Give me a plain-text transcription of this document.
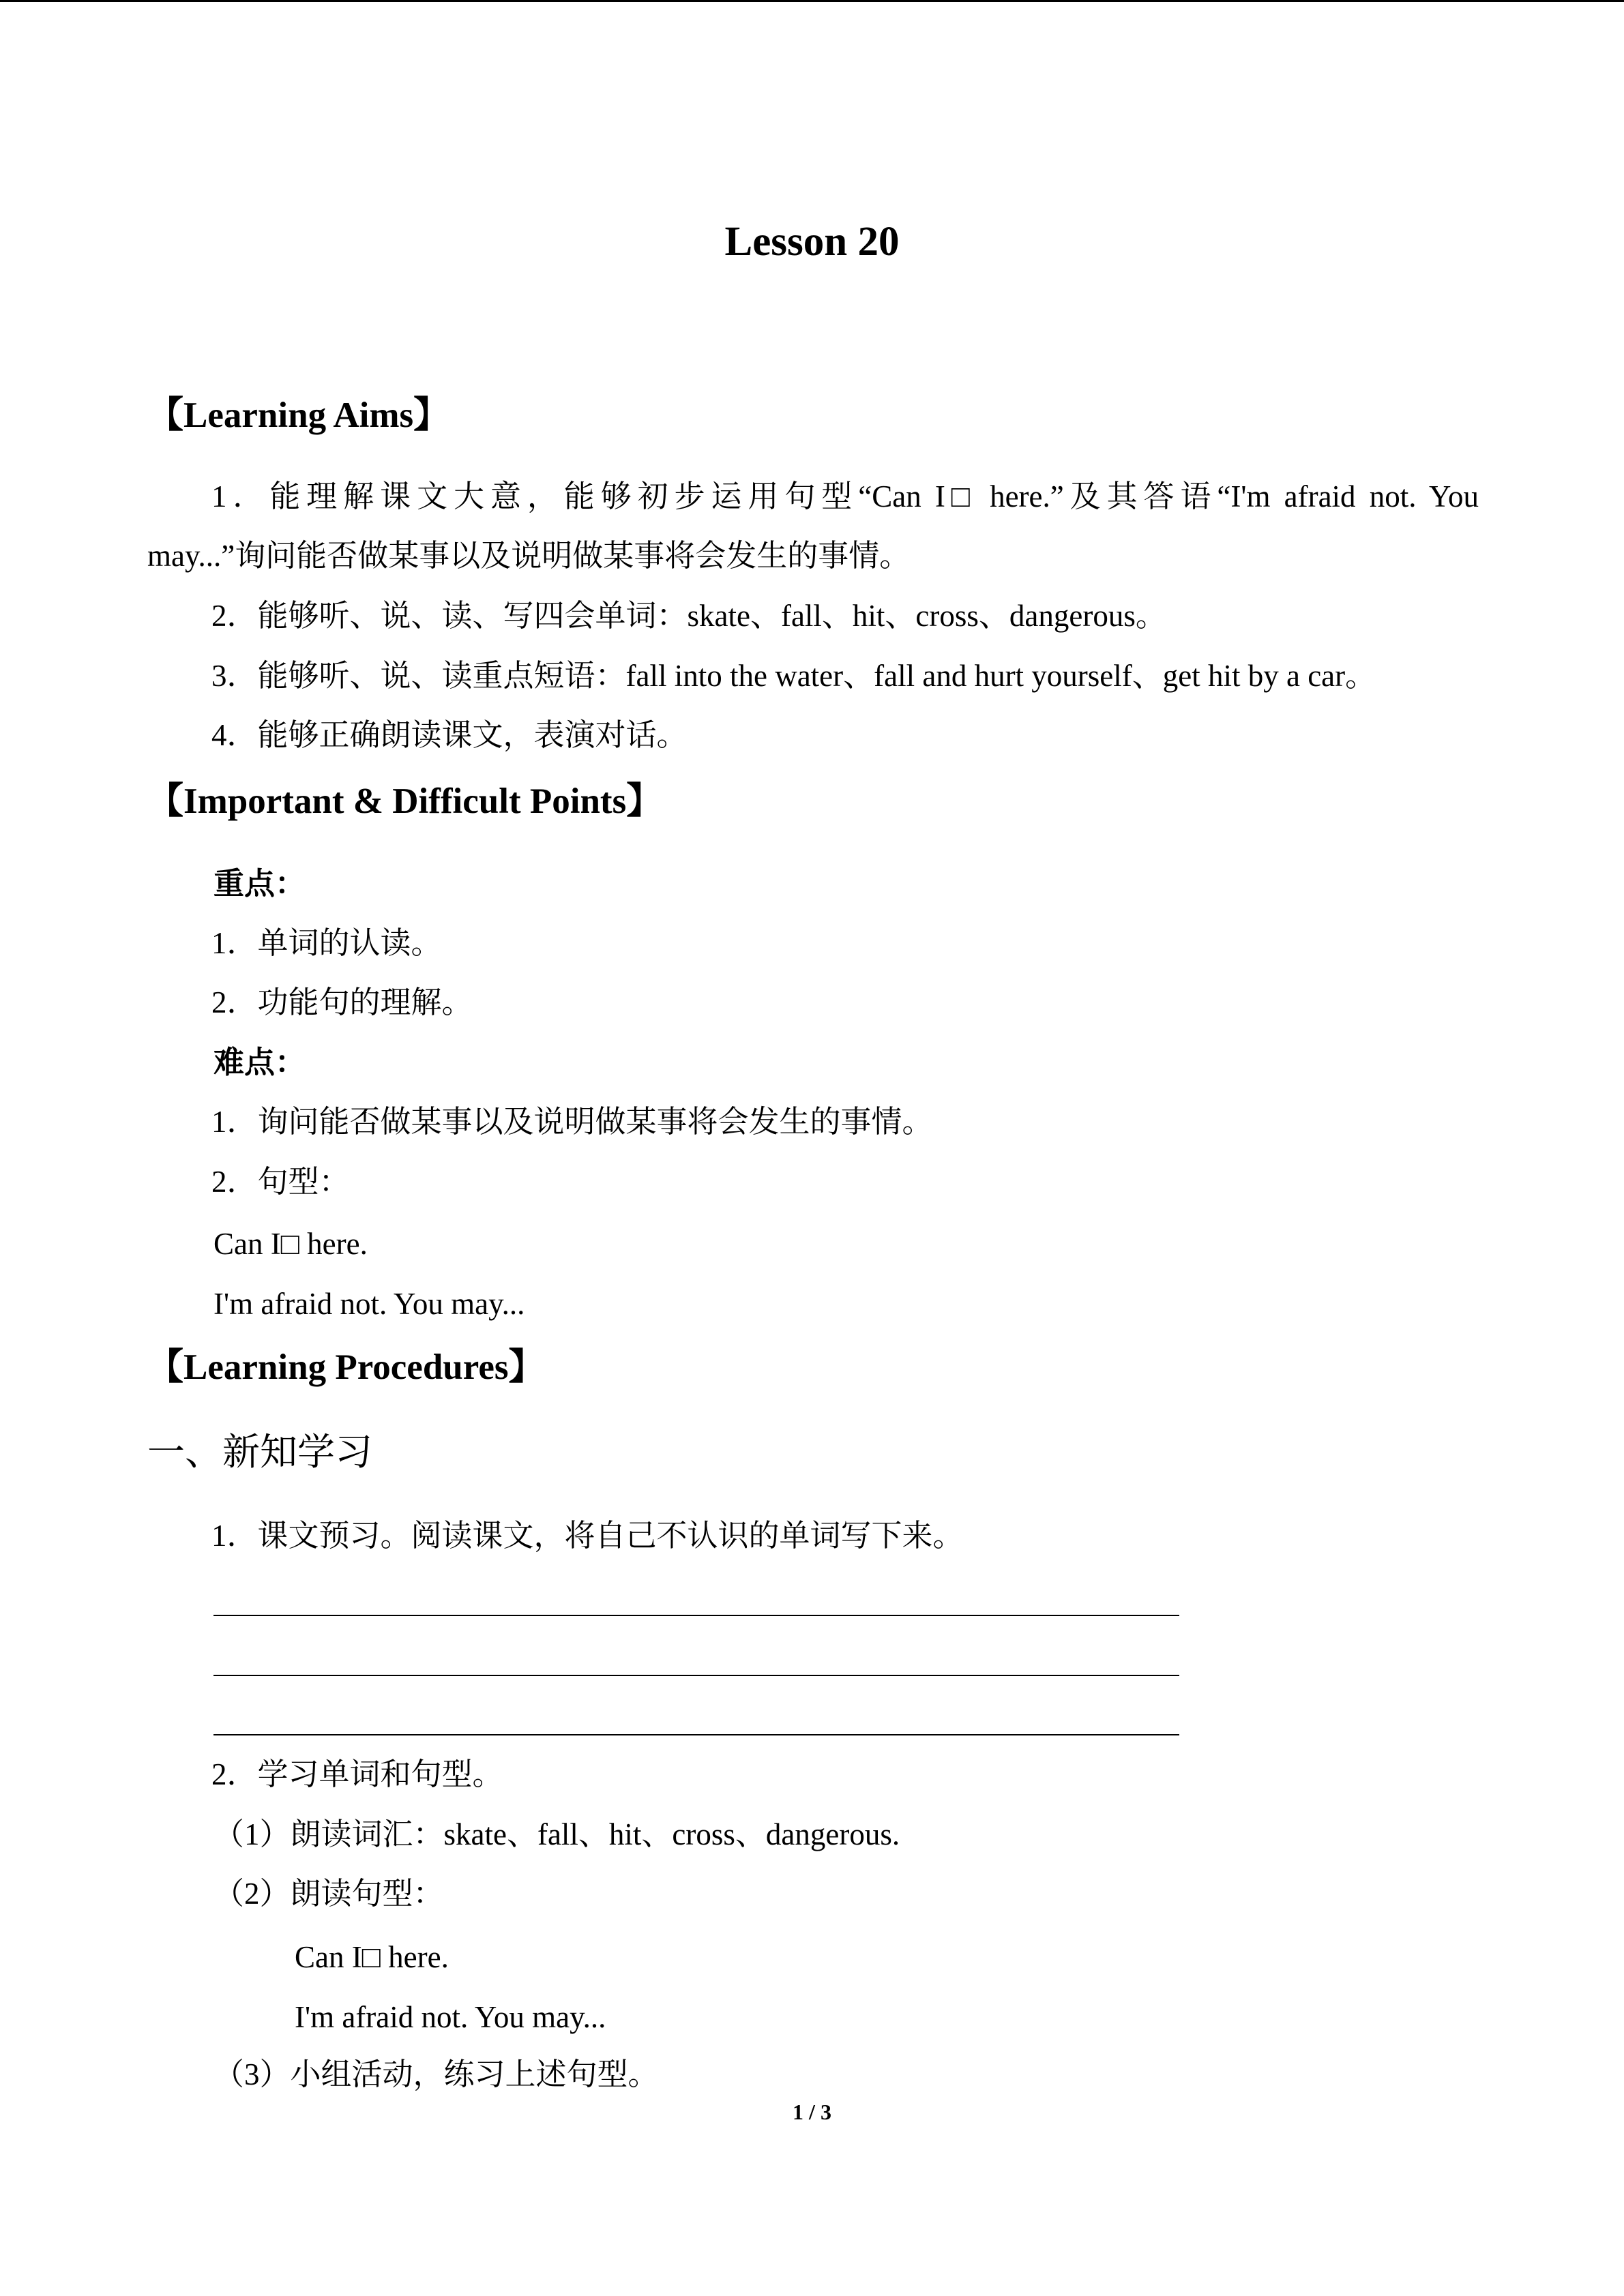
Lesson 20
【Learning Aims】
1．能理解课文大意，能够初步运用句型“Can I□ here.”及其答语“I'm afraid not. You
may...”询问能否做某事以及说明做某事将会发生的事情。
2．能够听、说、读、写四会单词：skate、fall、hit、cross、dangerous。
3．能够听、说、读重点短语：fall into the water、fall and hurt yourself、get hit by a car。
4．能够正确朗读课文，表演对话。
【Important & Difficult Points】
重点：
1．单词的认读。
2．功能句的理解。
难点：
1．询问能否做某事以及说明做某事将会发生的事情。
2．句型：
Can I□ here.
I'm afraid not. You may...
【Learning Procedures】
一、新知学习
1．课文预习。阅读课文，将自己不认识的单词写下来。
2．学习单词和句型。
（1）朗读词汇：skate、fall、hit、cross、dangerous.
（2）朗读句型：
Can I□ here.
I'm afraid not. You may...
（3）小组活动，练习上述句型。
1 / 3
